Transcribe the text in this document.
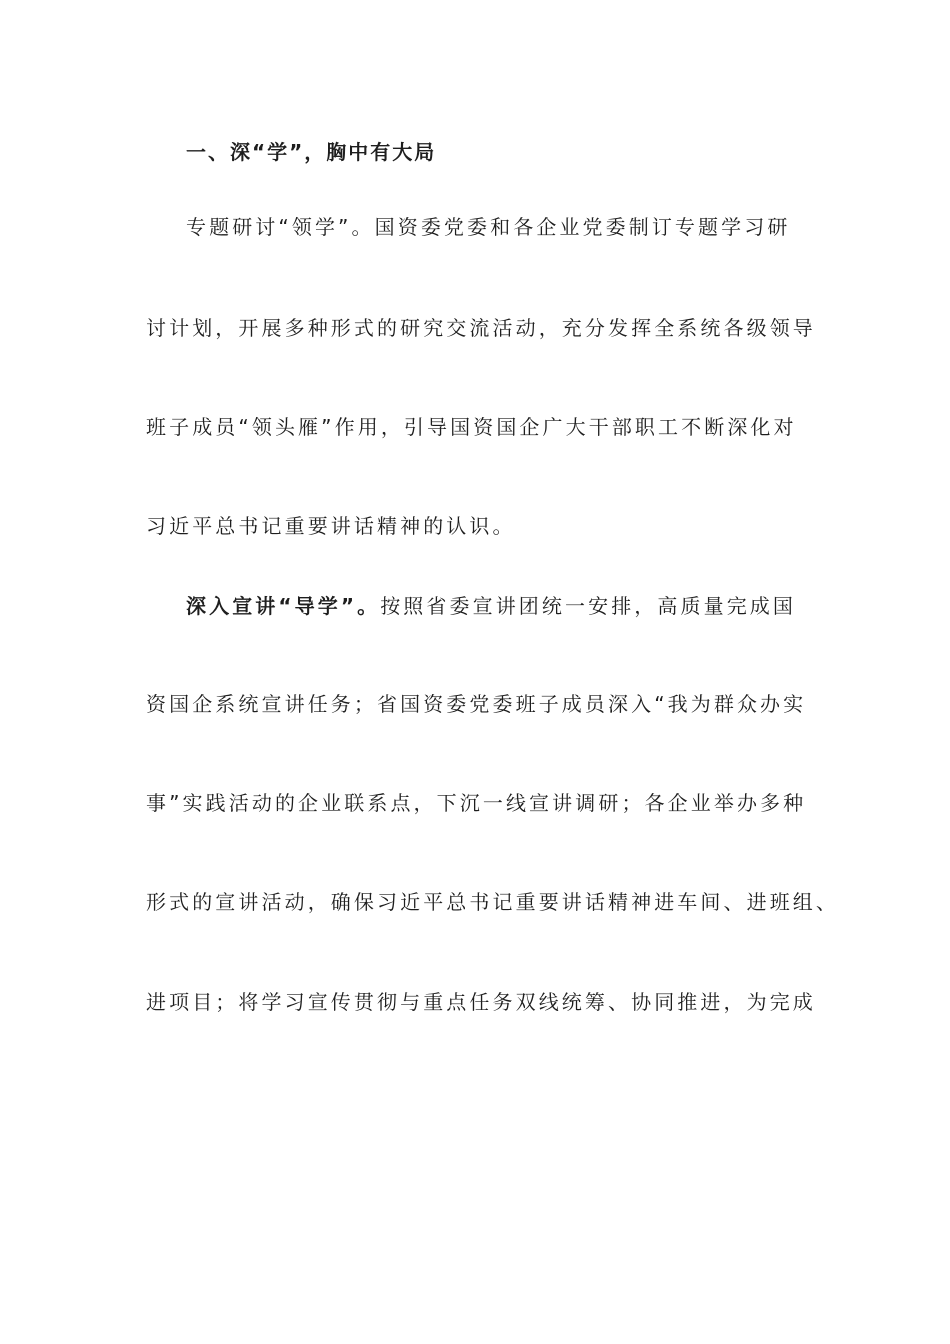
一、深“学”，胸中有大局
专题研讨“领学”。国资委党委和各企业党委制订专题学习研
讨计划，开展多种形式的研究交流活动，充分发挥全系统各级领导
班子成员“领头雁”作用，引导国资国企广大干部职工不断深化对
习近平总书记重要讲话精神的认识。
深入宣讲“导学”。按照省委宣讲团统一安排，高质量完成国
资国企系统宣讲任务；省国资委党委班子成员深入“我为群众办实
事”实践活动的企业联系点，下沉一线宣讲调研；各企业举办多种
形式的宣讲活动，确保习近平总书记重要讲话精神进车间、进班组、
进项目；将学习宣传贯彻与重点任务双线统筹、协同推进，为完成
